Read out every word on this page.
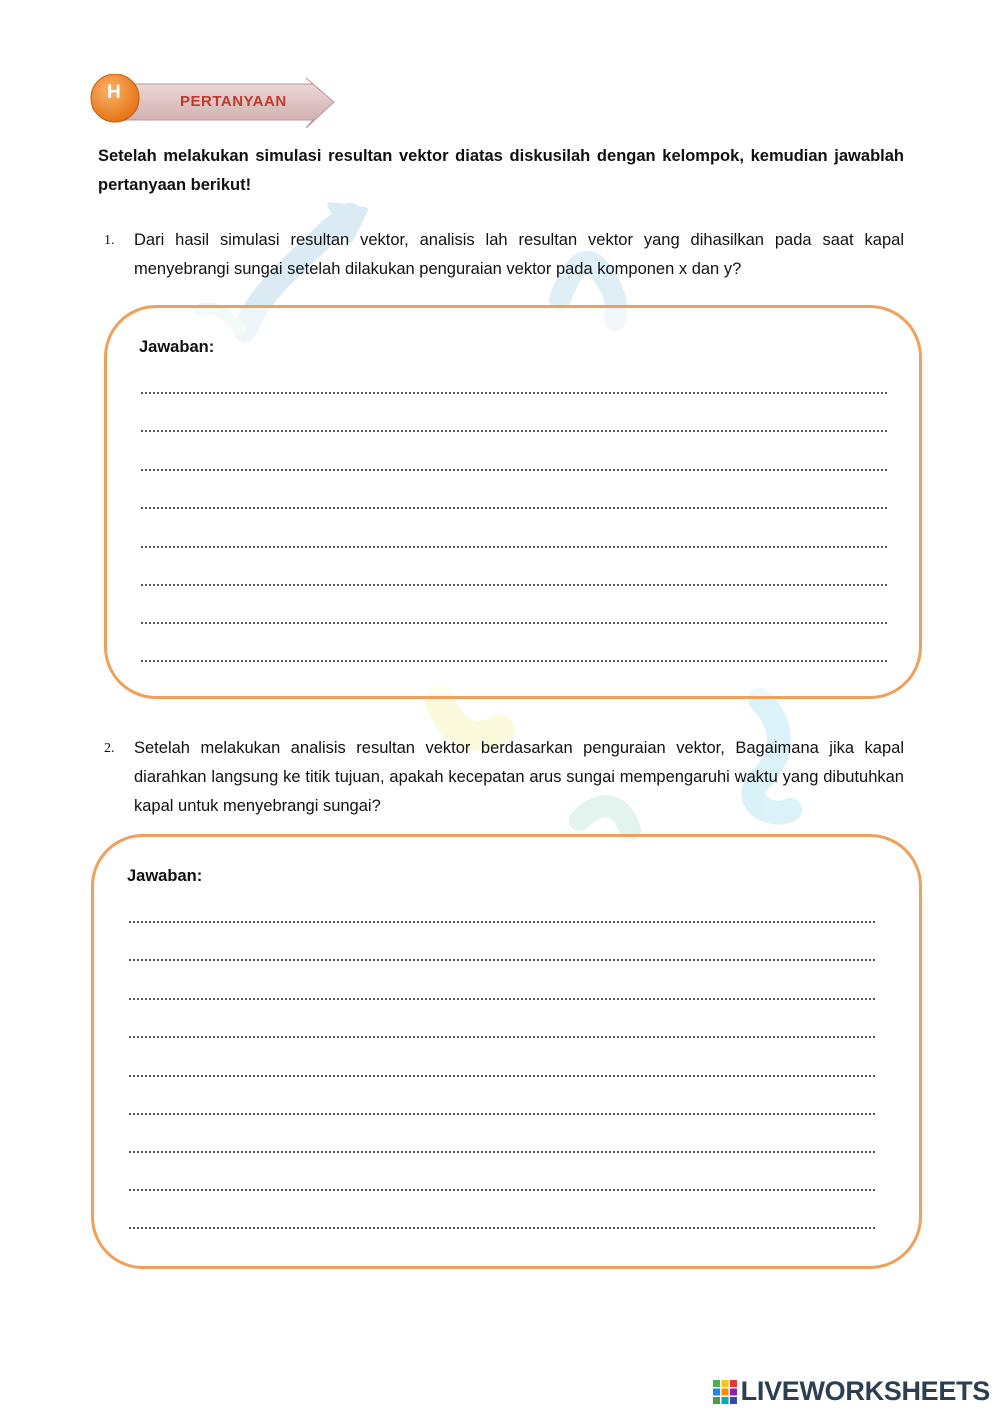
H	PERTANYAAN
Setelah melakukan simulasi resultan vektor diatas diskusilah dengan kelompok, kemudian jawablah pertanyaan berikut!
1. Dari hasil simulasi resultan vektor, analisis lah resultan vektor yang dihasilkan pada saat kapal menyebrangi sungai setelah dilakukan penguraian vektor pada komponen x dan y?
Jawaban:
2. Setelah melakukan analisis resultan vektor berdasarkan penguraian vektor, Bagaimana jika kapal diarahkan langsung ke titik tujuan, apakah kecepatan arus sungai mempengaruhi waktu yang dibutuhkan kapal untuk menyebrangi sungai?
Jawaban:
LIVEWORKSHEETS
